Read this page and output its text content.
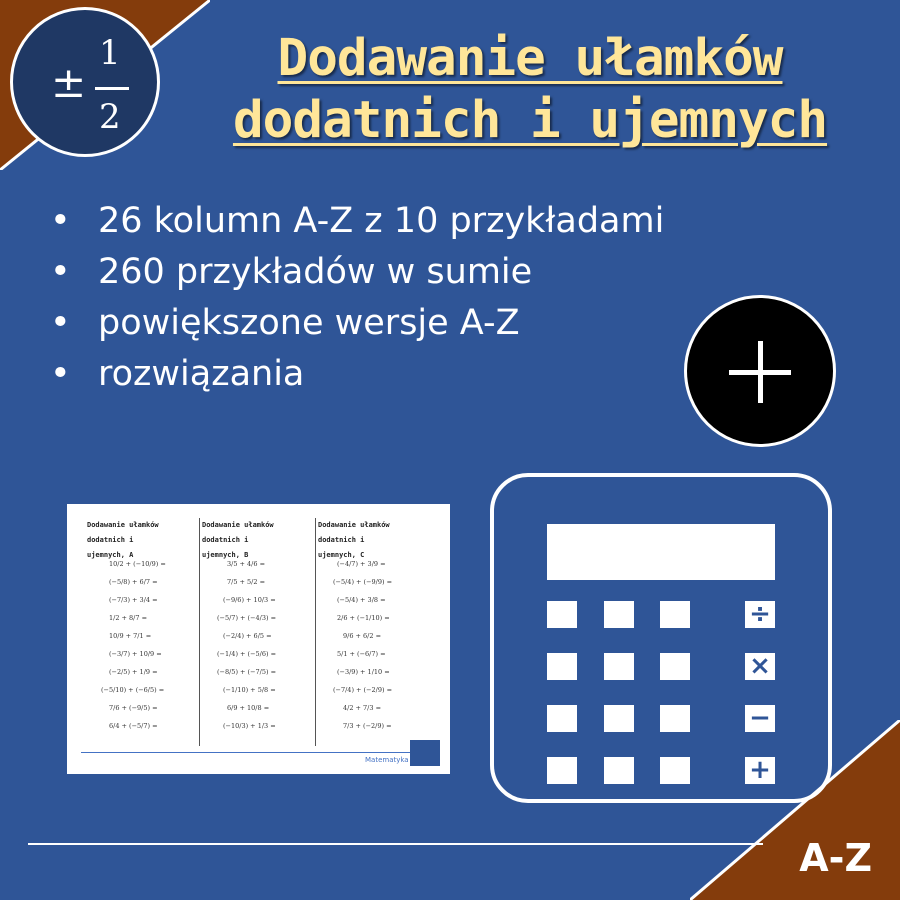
±
1
2
Dodawanie ułamków
dodatnich i ujemnych
• 26 kolumn A-Z z 10 przykładami
• 260 przykładów w sumie
• powiększone wersje A-Z
• rozwiązania
Dodawanie ułamków dodatnich i
ujemnych, A
Dodawanie ułamków dodatnich i
ujemnych, B
Dodawanie ułamków dodatnich i
ujemnych, C
10/2 + (−10/9) =
(−5/8) + 6/7 =
(−7/3) + 3/4 =
1/2 + 8/7 =
10/9 + 7/1 =
(−3/7) + 10/9 =
(−2/5) + 1/9 =
(−5/10) + (−6/5) =
7/6 + (−9/5) =
6/4 + (−5/7) =
3/5 + 4/6 =
7/5 + 5/2 =
(−9/6) + 10/3 =
(−5/7) + (−4/3) =
(−2/4) + 6/5 =
(−1/4) + (−5/6) =
(−8/5) + (−7/5) =
(−1/10) + 5/8 =
6/9 + 10/8 =
(−10/3) + 1/3 =
(−4/7) + 3/9 =
(−5/4) + (−9/9) =
(−5/4) + 3/8 =
2/6 + (−1/10) =
9/6 + 6/2 =
5/1 + (−6/7) =
(−3/9) + 1/10 =
(−7/4) + (−2/9) =
4/2 + 7/3 =
7/3 + (−2/9) =
Matematyka
÷
×
−
+
A-Z
